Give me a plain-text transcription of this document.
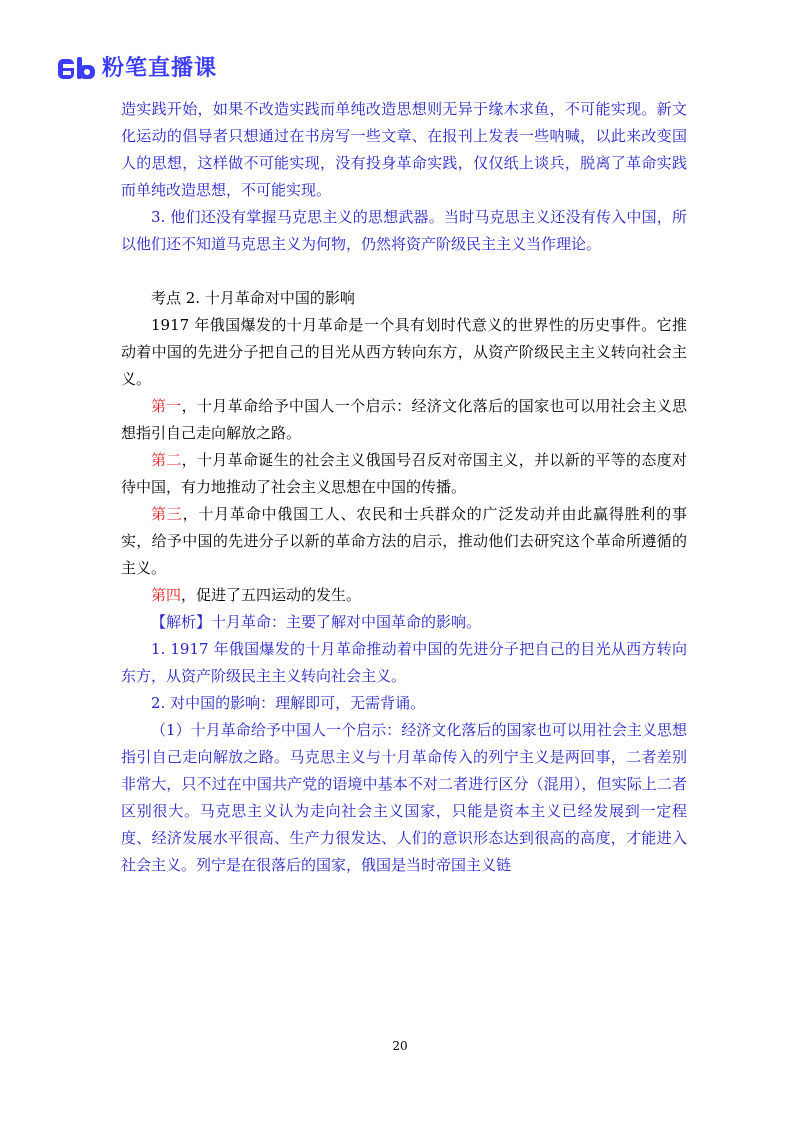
粉笔直播课

造实践开始，如果不改造实践而单纯改造思想则无异于缘木求鱼，不可能实现。新文化运动的倡导者只想通过在书房写一些文章、在报刊上发表一些呐喊，以此来改变国人的思想，这样做不可能实现，没有投身革命实践，仅仅纸上谈兵，脱离了革命实践而单纯改造思想，不可能实现。

3. 他们还没有掌握马克思主义的思想武器。当时马克思主义还没有传入中国，所以他们还不知道马克思主义为何物，仍然将资产阶级民主主义当作理论。

考点 2. 十月革命对中国的影响

1917 年俄国爆发的十月革命是一个具有划时代意义的世界性的历史事件。它推动着中国的先进分子把自己的目光从西方转向东方，从资产阶级民主主义转向社会主义。

第一，十月革命给予中国人一个启示：经济文化落后的国家也可以用社会主义思想指引自己走向解放之路。

第二，十月革命诞生的社会主义俄国号召反对帝国主义，并以新的平等的态度对待中国，有力地推动了社会主义思想在中国的传播。

第三，十月革命中俄国工人、农民和士兵群众的广泛发动并由此赢得胜利的事实，给予中国的先进分子以新的革命方法的启示，推动他们去研究这个革命所遵循的主义。

第四，促进了五四运动的发生。

【解析】十月革命：主要了解对中国革命的影响。

1. 1917 年俄国爆发的十月革命推动着中国的先进分子把自己的目光从西方转向东方，从资产阶级民主主义转向社会主义。

2. 对中国的影响：理解即可，无需背诵。

（1）十月革命给予中国人一个启示：经济文化落后的国家也可以用社会主义思想指引自己走向解放之路。马克思主义与十月革命传入的列宁主义是两回事，二者差别非常大，只不过在中国共产党的语境中基本不对二者进行区分（混用），但实际上二者区别很大。马克思主义认为走向社会主义国家，只能是资本主义已经发展到一定程度、经济发展水平很高、生产力很发达、人们的意识形态达到很高的高度，才能进入社会主义。列宁是在很落后的国家，俄国是当时帝国主义链

20
